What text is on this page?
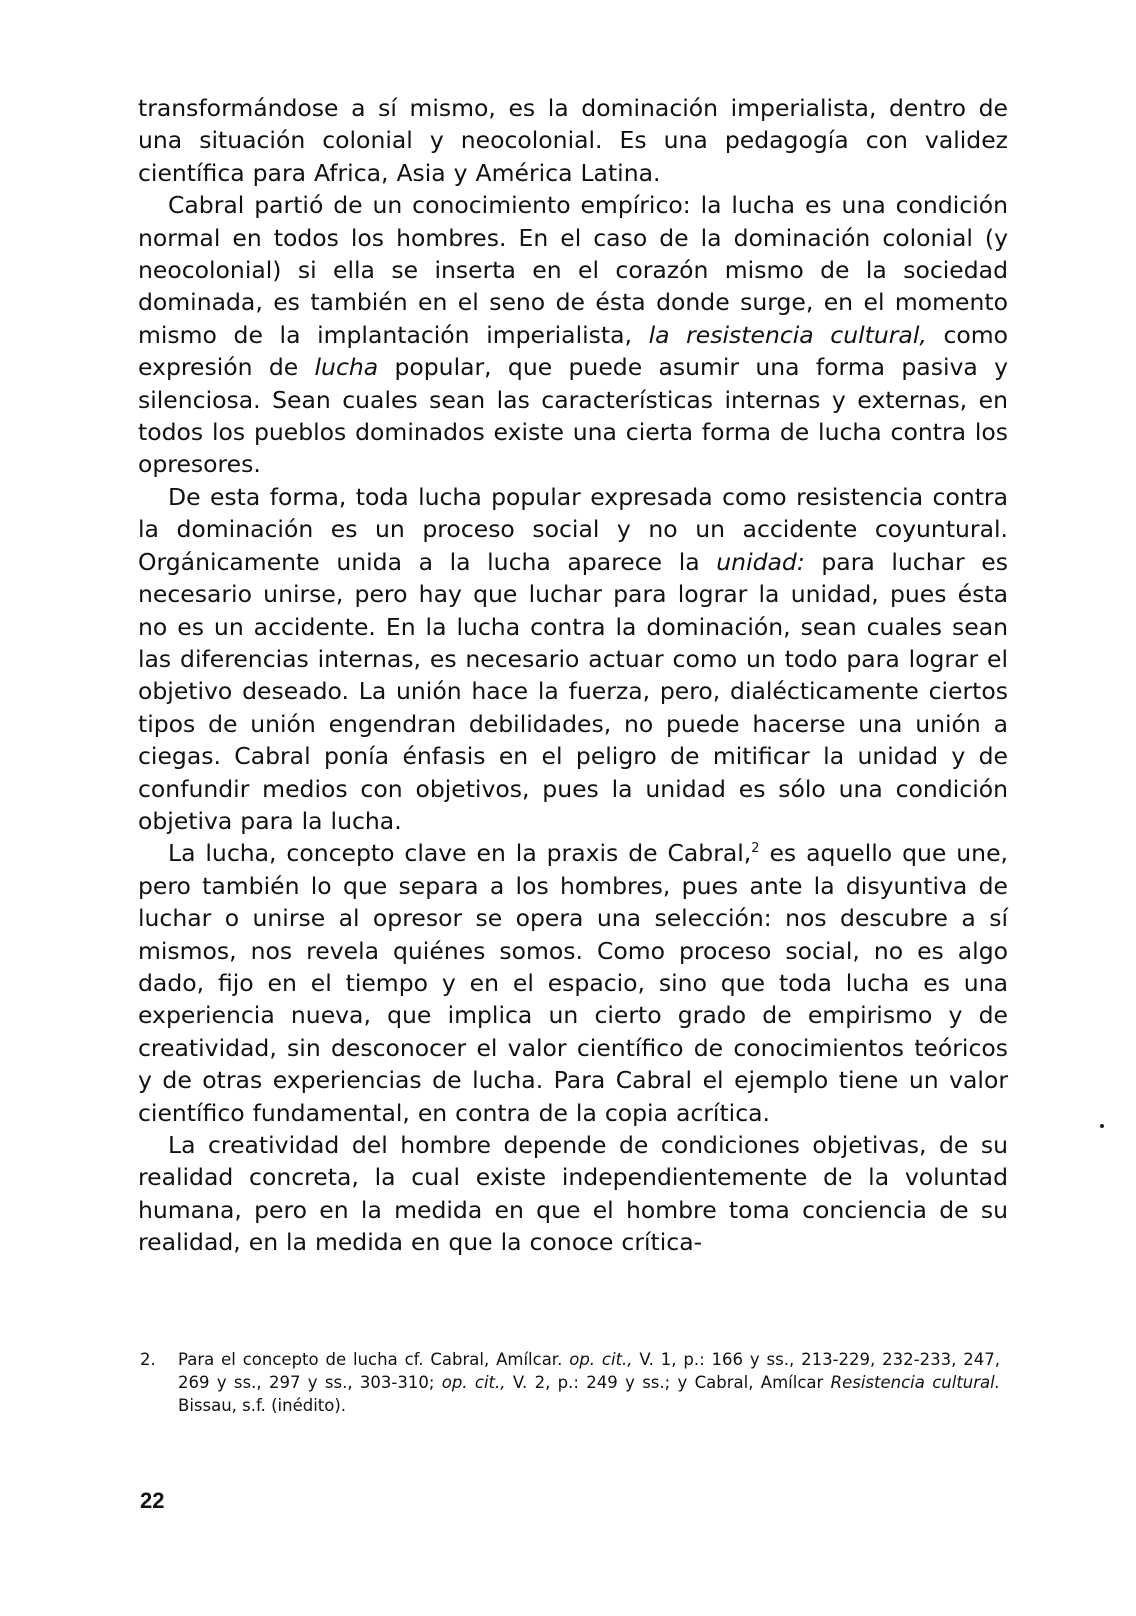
transformándose a sí mismo, es la dominación imperialista, dentro de una situación colonial y neocolonial. Es una pedagogía con validez científica para Africa, Asia y América Latina.

Cabral partió de un conocimiento empírico: la lucha es una condición normal en todos los hombres. En el caso de la dominación colonial (y neocolonial) si ella se inserta en el corazón mismo de la sociedad dominada, es también en el seno de ésta donde surge, en el momento mismo de la implantación imperialista, la resistencia cultural, como expresión de lucha popular, que puede asumir una forma pasiva y silenciosa. Sean cuales sean las características internas y externas, en todos los pueblos dominados existe una cierta forma de lucha contra los opresores.

De esta forma, toda lucha popular expresada como resistencia contra la dominación es un proceso social y no un accidente coyuntural. Orgánicamente unida a la lucha aparece la unidad: para luchar es necesario unirse, pero hay que luchar para lograr la unidad, pues ésta no es un accidente. En la lucha contra la dominación, sean cuales sean las diferencias internas, es necesario actuar como un todo para lograr el objetivo deseado. La unión hace la fuerza, pero, dialécticamente ciertos tipos de unión engendran debilidades, no puede hacerse una unión a ciegas. Cabral ponía énfasis en el peligro de mitificar la unidad y de confundir medios con objetivos, pues la unidad es sólo una condición objetiva para la lucha.

La lucha, concepto clave en la praxis de Cabral,$^2$ es aquello que une, pero también lo que separa a los hombres, pues ante la disyuntiva de luchar o unirse al opresor se opera una selección: nos descubre a sí mismos, nos revela quiénes somos. Como proceso social, no es algo dado, fijo en el tiempo y en el espacio, sino que toda lucha es una experiencia nueva, que implica un cierto grado de empirismo y de creatividad, sin desconocer el valor científico de conocimientos teóricos y de otras experiencias de lucha. Para Cabral el ejemplo tiene un valor científico fundamental, en contra de la copia acrítica.

La creatividad del hombre depende de condiciones objetivas, de su realidad concreta, la cual existe independientemente de la voluntad humana, pero en la medida en que el hombre toma conciencia de su realidad, en la medida en que la conoce crítica-

2. Para el concepto de lucha cf. Cabral, Amílcar. op. cit., V. 1, p.: 166 y ss., 213-229, 232-233, 247, 269 y ss., 297 y ss., 303-310; op. cit., V. 2, p.: 249 y ss.; y Cabral, Amílcar Resistencia cultural. Bissau, s.f. (inédito).
22
